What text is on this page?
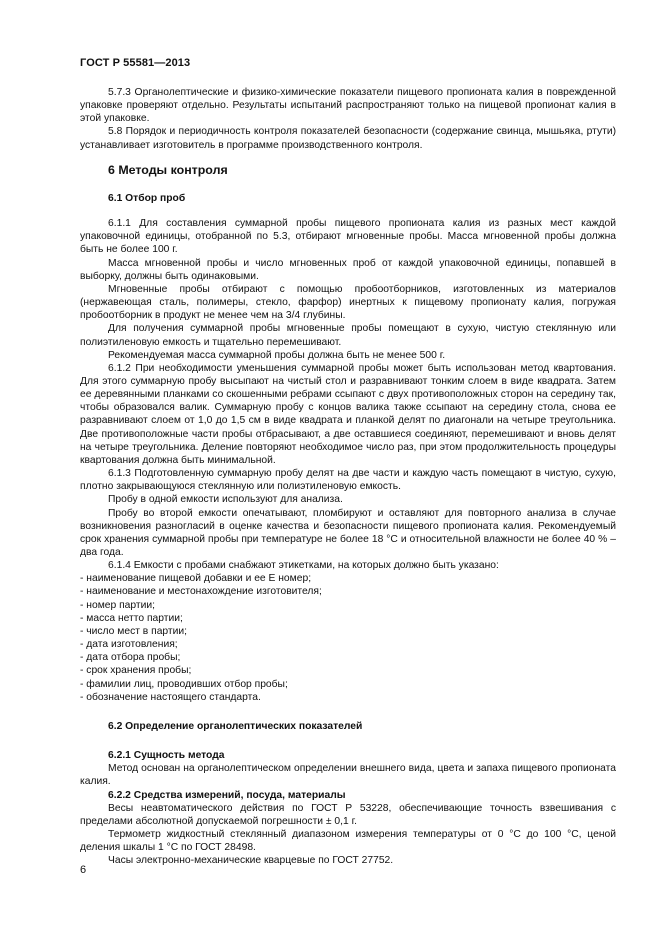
ГОСТ Р 55581—2013

5.7.3 Органолептические и физико-химические показатели пищевого пропионата калия в поврежденной упаковке проверяют отдельно. Результаты испытаний распространяют только на пищевой пропионат калия в этой упаковке.

5.8 Порядок и периодичность контроля показателей безопасности (содержание свинца, мышьяка, ртути) устанавливает изготовитель в программе производственного контроля.

6 Методы контроля
6.1 Отбор проб

6.1.1 Для составления суммарной пробы пищевого пропионата калия из разных мест каждой упаковочной единицы, отобранной по 5.3, отбирают мгновенные пробы. Масса мгновенной пробы должна быть не более 100 г.

Масса мгновенной пробы и число мгновенных проб от каждой упаковочной единицы, попавшей в выборку, должны быть одинаковыми.

Мгновенные пробы отбирают с помощью пробоотборников, изготовленных из материалов (нержавеющая сталь, полимеры, стекло, фарфор) инертных к пищевому пропионату калия, погружая пробоотборник в продукт не менее чем на 3/4 глубины.

Для получения суммарной пробы мгновенные пробы помещают в сухую, чистую стеклянную или полиэтиленовую емкость и тщательно перемешивают.

Рекомендуемая масса суммарной пробы должна быть не менее 500 г.

6.1.2 При необходимости уменьшения суммарной пробы может быть использован метод квартования. Для этого суммарную пробу высыпают на чистый стол и разравнивают тонким слоем в виде квадрата. Затем ее деревянными планками со скошенными ребрами ссыпают с двух противоположных сторон на середину так, чтобы образовался валик. Суммарную пробу с концов валика также ссыпают на середину стола, снова ее разравнивают слоем от 1,0 до 1,5 см в виде квадрата и планкой делят по диагонали на четыре треугольника. Две противоположные части пробы отбрасывают, а две оставшиеся соединяют, перемешивают и вновь делят на четыре треугольника. Деление повторяют необходимое число раз, при этом продолжительность процедуры квартования должна быть минимальной.

6.1.3 Подготовленную суммарную пробу делят на две части и каждую часть помещают в чистую, сухую, плотно закрывающуюся стеклянную или полиэтиленовую емкость.

Пробу в одной емкости используют для анализа.

Пробу во второй емкости опечатывают, пломбируют и оставляют для повторного анализа в случае возникновения разногласий в оценке качества и безопасности пищевого пропионата калия. Рекомендуемый срок хранения суммарной пробы при температуре не более 18 °С и относительной влажности не более 40 % – два года.

6.1.4 Емкости с пробами снабжают этикетками, на которых должно быть указано:

- наименование пищевой добавки и ее Е номер;

- наименование и местонахождение изготовителя;

- номер партии;

- масса нетто партии;

- число мест в партии;

- дата изготовления;

- дата отбора пробы;

- срок хранения пробы;

- фамилии лиц, проводивших отбор пробы;

- обозначение настоящего стандарта.

6.2 Определение органолептических показателей
6.2.1 Сущность метода

Метод основан на органолептическом определении внешнего вида, цвета и запаха пищевого пропионата калия.

6.2.2 Средства измерений, посуда, материалы

Весы неавтоматического действия по ГОСТ Р 53228, обеспечивающие точность взвешивания с пределами абсолютной допускаемой погрешности ± 0,1 г.

Термометр жидкостный стеклянный диапазоном измерения температуры от 0 °С до 100 °С, ценой деления шкалы 1 °С по ГОСТ 28498.

Часы электронно-механические кварцевые по ГОСТ 27752.

6
